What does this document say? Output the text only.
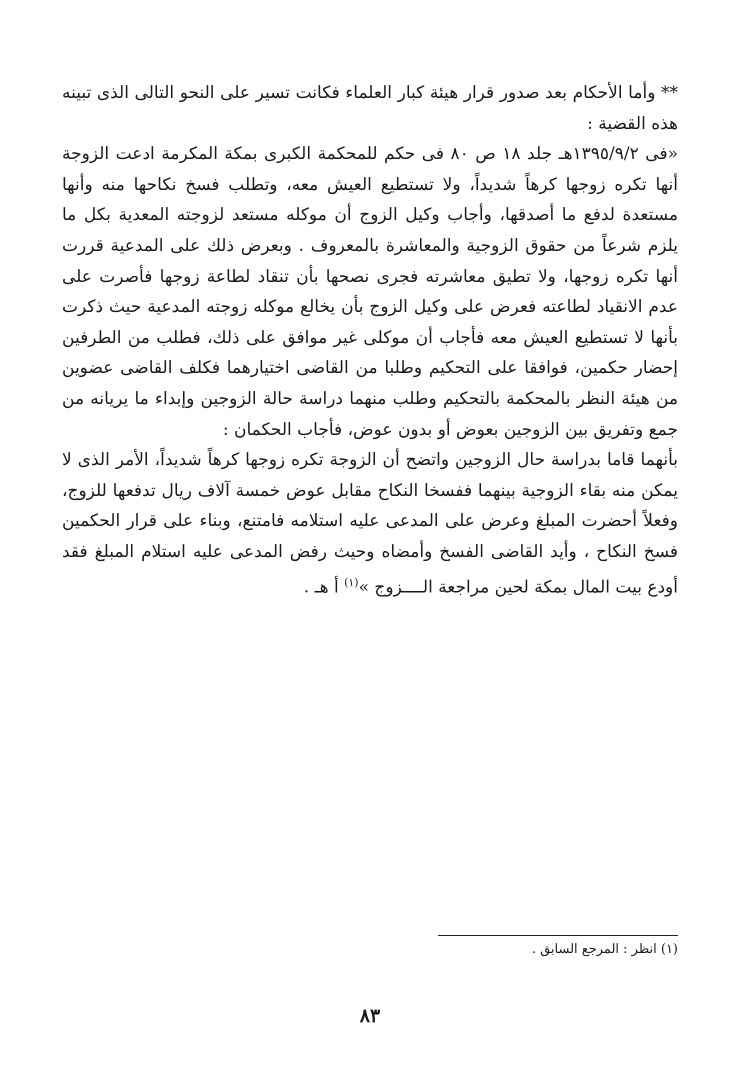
** وأما الأحكام بعد صدور قرار هيئة كبار العلماء فكانت تسير على النحو التالى الذى تبينه هذه القضية :

«فى ١٣٩٥/٩/٢هـ جلد ١٨ ص ٨٠ فى حكم للمحكمة الكبرى بمكة المكرمة ادعت الزوجة أنها تكره زوجها كرهاً شديداً، ولا تستطيع العيش معه، وتطلب فسخ نكاحها منه وأنها مستعدة لدفع ما أصدقها، وأجاب وكيل الزوج أن موكله مستعد لزوجته المعدية بكل ما يلزم شرعاً من حقوق الزوجية والمعاشرة بالمعروف . وبعرض ذلك على المدعية قررت أنها تكره زوجها، ولا تطيق معاشرته فجرى نصحها بأن تنقاد لطاعة زوجها فأصرت على عدم الانقياد لطاعته فعرض على وكيل الزوج بأن يخالع موكله زوجته المدعية حيث ذكرت بأنها لا تستطيع العيش معه فأجاب أن موكلى غير موافق على ذلك، فطلب من الطرفين إحضار حكمين، فوافقا على التحكيم وطلبا من القاضى اختيارهما فكلف القاضى عضوين من هيئة النظر بالمحكمة بالتحكيم وطلب منهما دراسة حالة الزوجين وإبداء ما يريانه من جمع وتفريق بين الزوجين بعوض أو بدون عوض، فأجاب الحكمان :

بأنهما قاما بدراسة حال الزوجين واتضح أن الزوجة تكره زوجها كرهاً شديداً، الأمر الذى لا يمكن منه بقاء الزوجية بينهما ففسخا النكاح مقابل عوض خمسة آلاف ريال تدفعها للزوج، وفعلاً أحضرت المبلغ وعرض على المدعى عليه استلامه فامتنع، وبناء على قرار الحكمين فسخ النكاح ، وأيد القاضى الفسخ وأمضاه وحيث رفض المدعى عليه استلام المبلغ فقد أودع بيت المال بمكة لحين مراجعة الــــزوج »$^{(١)}$ أ هـ .

(١) انظر : المرجع السابق .
٨٣
